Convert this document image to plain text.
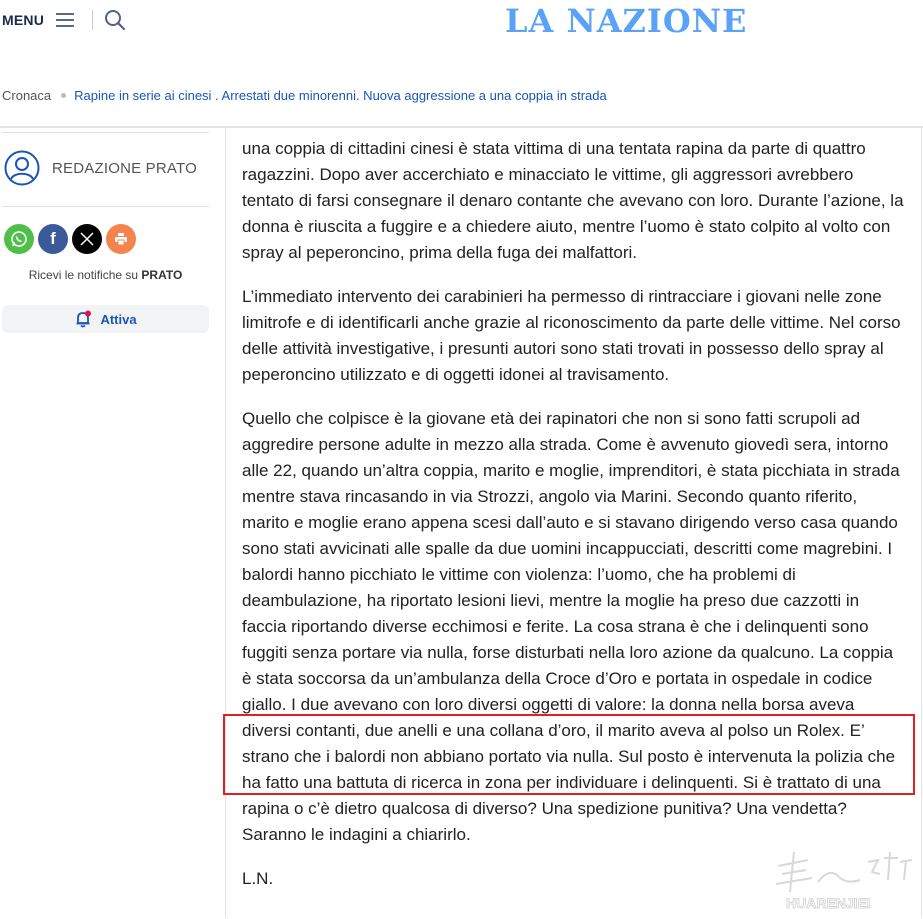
MENU	LA NAZIONE
Cronaca Rapine in serie ai cinesi . Arrestati due minorenni. Nuova aggressione a una coppia in strada
REDAZIONE PRATO
f
Ricevi le notifiche su PRATO
Attiva

una coppia di cittadini cinesi è stata vittima di una tentata rapina da parte di quattro ragazzini. Dopo aver accerchiato e minacciato le vittime, gli aggressori avrebbero tentato di farsi consegnare il denaro contante che avevano con loro. Durante l’azione, la donna è riuscita a fuggire e a chiedere aiuto, mentre l’uomo è stato colpito al volto con spray al peperoncino, prima della fuga dei malfattori.

L’immediato intervento dei carabinieri ha permesso di rintracciare i giovani nelle zone limitrofe e di identificarli anche grazie al riconoscimento da parte delle vittime. Nel corso delle attività investigative, i presunti autori sono stati trovati in possesso dello spray al peperoncino utilizzato e di oggetti idonei al travisamento.

Quello che colpisce è la giovane età dei rapinatori che non si sono fatti scrupoli ad aggredire persone adulte in mezzo alla strada. Come è avvenuto giovedì sera, intorno alle 22, quando un’altra coppia, marito e moglie, imprenditori, è stata picchiata in strada mentre stava rincasando in via Strozzi, angolo via Marini. Secondo quanto riferito, marito e moglie erano appena scesi dall’auto e si stavano dirigendo verso casa quando sono stati avvicinati alle spalle da due uomini incappucciati, descritti come magrebini. I balordi hanno picchiato le vittime con violenza: l’uomo, che ha problemi di deambulazione, ha riportato lesioni lievi, mentre la moglie ha preso due cazzotti in faccia riportando diverse ecchimosi e ferite. La cosa strana è che i delinquenti sono fuggiti senza portare via nulla, forse disturbati nella loro azione da qualcuno. La coppia è stata soccorsa da un’ambulanza della Croce d’Oro e portata in ospedale in codice giallo. I due avevano con loro diversi oggetti di valore: la donna nella borsa aveva diversi contanti, due anelli e una collana d’oro, il marito aveva al polso un Rolex. E’ strano che i balordi non abbiano portato via nulla. Sul posto è intervenuta la polizia che ha fatto una battuta di ricerca in zona per individuare i delinquenti. Si è trattato di una rapina o c’è dietro qualcosa di diverso? Una spedizione punitiva? Una vendetta? Saranno le indagini a chiarirlo.

L.N.

HUARENJIEI
